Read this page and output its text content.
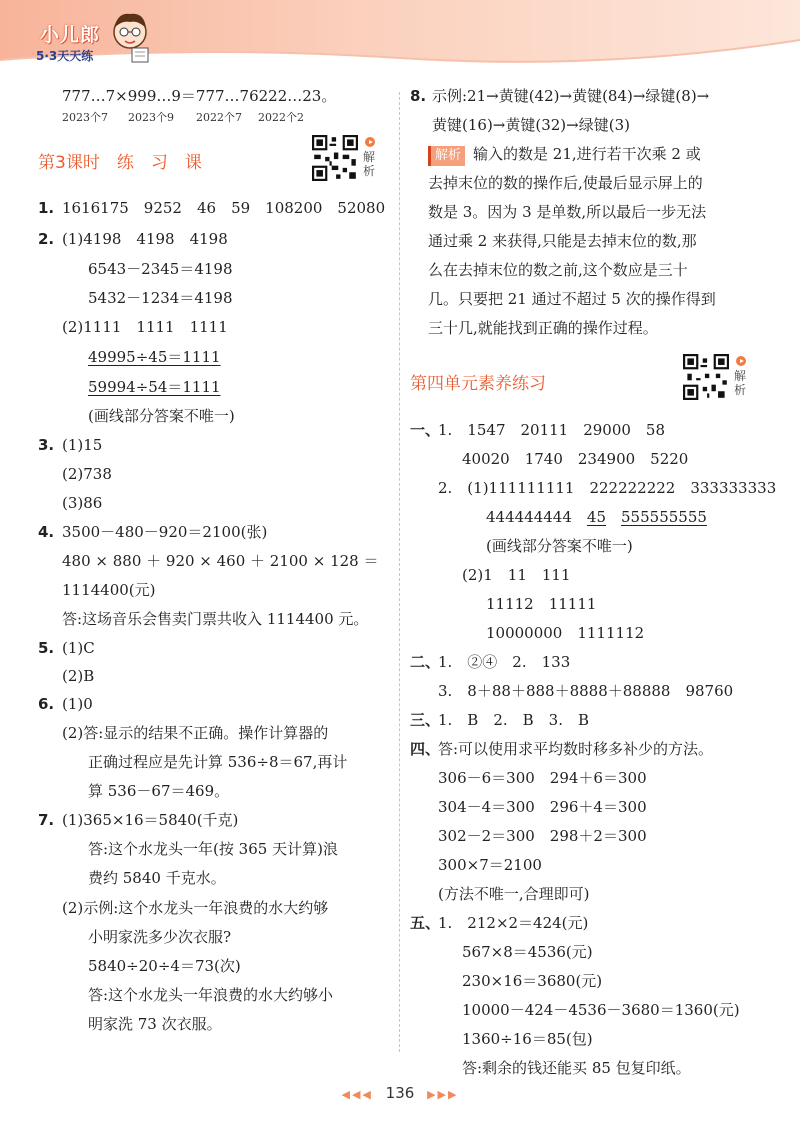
小儿郎
5·3天天练
777…7×999…9＝777…76222…23。
2023个7 2023个9 2022个7 2022个2
第3课时　练　习　课	解析
1. 1616175　9252　46　59　108200　52080
2. (1)4198　4198　4198
6543－2345＝4198
5432－1234＝4198
(2)1111　1111　1111
49995÷45＝1111
59994÷54＝1111
(画线部分答案不唯一)
3. (1)15
(2)738
(3)86
4. 3500－480－920＝2100(张)
480 × 880 ＋ 920 × 460 ＋ 2100 × 128 ＝
1114400(元)
答:这场音乐会售卖门票共收入 1114400 元。
5. (1)C
(2)B
6. (1)0
(2)答:显示的结果不正确。操作计算器的
正确过程应是先计算 536÷8＝67,再计
算 536－67＝469。
7. (1)365×16＝5840(千克)
答:这个水龙头一年(按 365 天计算)浪
费约 5840 千克水。
(2)示例:这个水龙头一年浪费的水大约够
小明家洗多少次衣服?
5840÷20÷4＝73(次)
答:这个水龙头一年浪费的水大约够小
明家洗 73 次衣服。
8. 示例:21→黄键(42)→黄键(84)→绿键(8)→
黄键(16)→黄键(32)→绿键(3)
解析 输入的数是 21,进行若干次乘 2 或
去掉末位的数的操作后,使最后显示屏上的
数是 3。因为 3 是单数,所以最后一步无法
通过乘 2 来获得,只能是去掉末位的数,那
么在去掉末位的数之前,这个数应是三十
几。只要把 21 通过不超过 5 次的操作得到
三十几,就能找到正确的操作过程。
第四单元素养练习	解析
一、
1.　1547　20111　29000　58
40020　1740　234900　5220
2.　(1)111111111　222222222　333333333
444444444　45　 555555555
(画线部分答案不唯一)
(2)1　11　111
11112　11111
10000000　1111112
二、
1.　②④　2.　133
3.　8＋88＋888＋8888＋88888　98760
三、
1.　B　2.　B　3.　B
四、
答:可以使用求平均数时移多补少的方法。
306－6＝300　294＋6＝300
304－4＝300　296＋4＝300
302－2＝300　298＋2＝300
300×7＝2100
(方法不唯一,合理即可)
五、
1.　212×2＝424(元)
567×8＝4536(元)
230×16＝3680(元)
10000－424－4536－3680＝1360(元)
1360÷16＝85(包)
答:剩余的钱还能买 85 包复印纸。
◀◀◀ 136 ▶▶▶
